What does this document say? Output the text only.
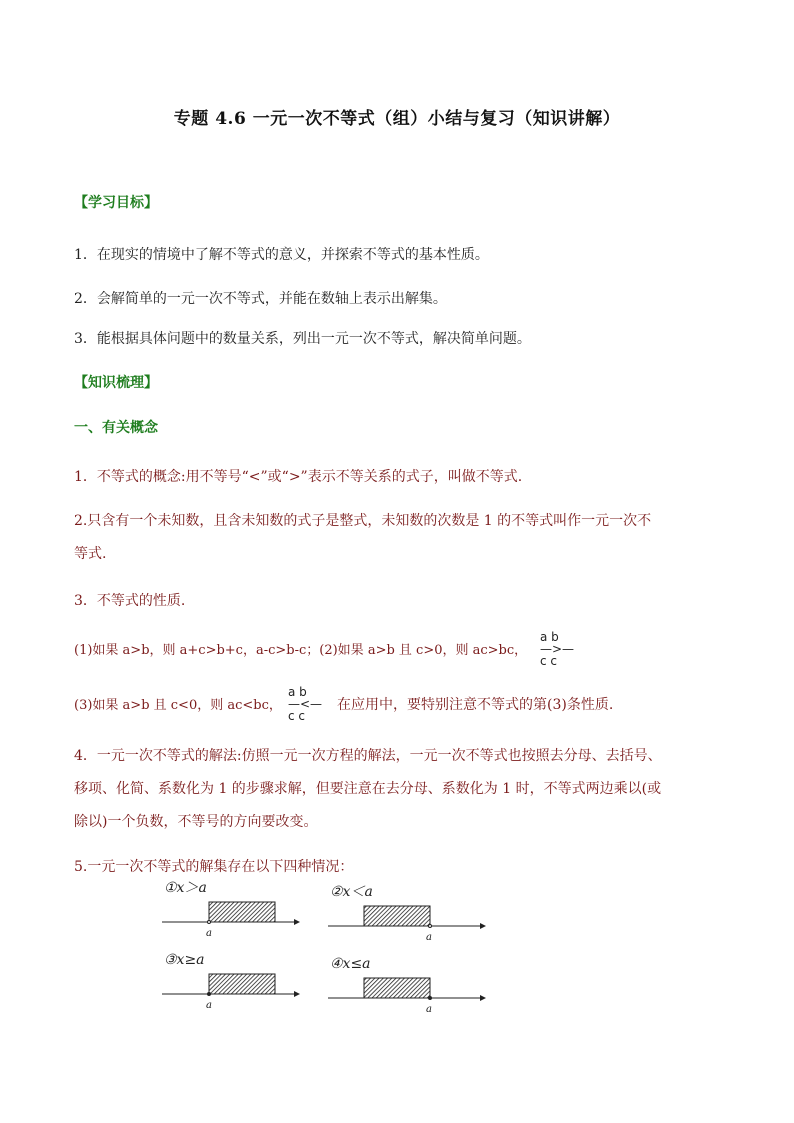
专题 4.6 一元一次不等式（组）小结与复习（知识讲解）
【学习目标】
1．在现实的情境中了解不等式的意义，并探索不等式的基本性质。
2．会解简单的一元一次不等式，并能在数轴上表示出解集。
3．能根据具体问题中的数量关系，列出一元一次不等式，解决简单问题。
【知识梳理】
一、有关概念
1．不等式的概念:用不等号“<”或“>”表示不等关系的式子，叫做不等式.
2.只含有一个未知数，且含未知数的式子是整式，未知数的次数是 1 的不等式叫作一元一次不
等式.
3．不等式的性质.
(1)如果 a>b，则 a+c>b+c，a-c>b-c；(2)如果 a>b 且 c>0，则 ac>bc，
a b
—>—
c c
(3)如果 a>b 且 c<0，则 ac<bc，
a b
—<—
c c
在应用中，要特别注意不等式的第(3)条性质.
4．一元一次不等式的解法:仿照一元一次方程的解法，一元一次不等式也按照去分母、去括号、
移项、化简、系数化为 1 的步骤求解，但要注意在去分母、系数化为 1 时，不等式两边乘以(或
除以)一个负数，不等号的方向要改变。
5.一元一次不等式的解集存在以下四种情况：
①x＞a
a
②x＜a
a
③x≥a
a
④x≤a
a
